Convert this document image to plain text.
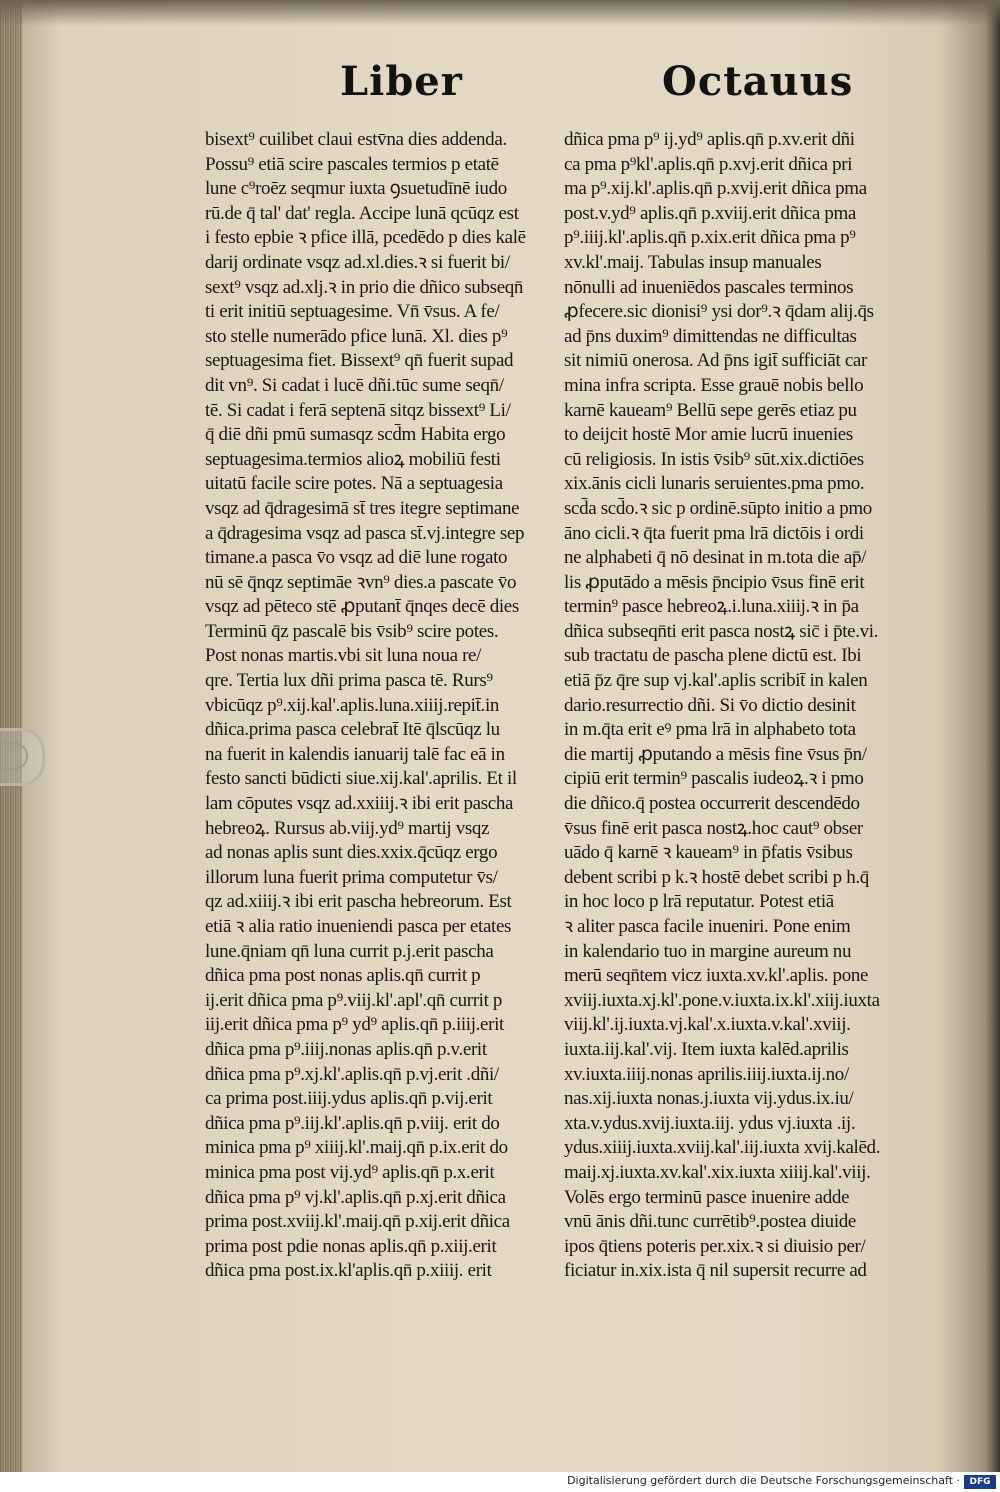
Liber	Octauus
bisext⁹ cuilibet claui estv̄na dies addenda.
Possu⁹ etiā scire pascales termios p etatē
lune c⁹roēz seqmur iuxta ꝯsuetudīnē iudo
rū.de q̄ tal' dat' regla. Accipe lunā qcūqz est
i festo epbie ꝛ pfice illā, pcedēdo p dies kalē
darij ordinate vsqz ad.xl.dies.ꝛ si fuerit bi/
sext⁹ vsqz ad.xlj.ꝛ in prio die dñico subseqn̄
ti erit initiū septuagesime. Vn̄ v̄sus. A fe/
sto stelle numerādo pfice lunā. Xl. dies p⁹
septuagesima fiet. Bissext⁹ qn̄ fuerit supad
dit vn⁹. Si cadat i lucē dñi.tūc sume seqn̄/
tē. Si cadat i ferā septenā sitqz bissext⁹ Li/
q̄ diē dñi pmū sumasqz scd̄m Habita ergo
septuagesima.termios alioꝝ mobiliū festi
uitatū facile scire potes. Nā a septuagesia
vsqz ad q̄dragesimā st̄ tres itegre septimane
a q̄dragesima vsqz ad pasca st̄.vj.integre sep
timane.a pasca v̄o vsqz ad diē lune rogato
nū sē q̄nqz septimāe ꝛvn⁹ dies.a pascate v̄o
vsqz ad pēteco stē ꝓputant̄ q̄nqes decē dies
Terminū q̄z pascalē bis v̄sib⁹ scire potes.
Post nonas martis.vbi sit luna noua re/
qre. Tertia lux dñi prima pasca tē. Rurs⁹
vbicūqz p⁹.xij.kal'.aplis.luna.xiiij.repit̄.in
dñica.prima pasca celebrat̄ Itē q̄lscūqz lu
na fuerit in kalendis ianuarij talē fac eā in
festo sancti būdicti siue.xij.kal'.aprilis. Et il
lam cōputes vsqz ad.xxiiij.ꝛ ibi erit pascha
hebreoꝝ. Rursus ab.viij.yd⁹ martij vsqz
ad nonas aplis sunt dies.xxix.q̄cūqz ergo
illorum luna fuerit prima computetur v̄s/
qz ad.xiiij.ꝛ ibi erit pascha hebreorum. Est
etiā ꝛ alia ratio inueniendi pasca per etates
lune.q̄niam qn̄ luna currit p.j.erit pascha
dñica pma post nonas aplis.qn̄ currit p
ij.erit dñica pma p⁹.viij.kl'.apl'.qn̄ currit p
iij.erit dñica pma p⁹ yd⁹ aplis.qn̄ p.iiij.erit
dñica pma p⁹.iiij.nonas aplis.qn̄ p.v.erit
dñica pma p⁹.xj.kl'.aplis.qn̄ p.vj.erit .dñi/
ca prima post.iiij.ydus aplis.qn̄ p.vij.erit
dñica pma p⁹.iij.kl'.aplis.qn̄ p.viij. erit do
minica pma p⁹ xiiij.kl'.maij.qn̄ p.ix.erit do
minica pma post vij.yd⁹ aplis.qn̄ p.x.erit
dñica pma p⁹ vj.kl'.aplis.qn̄ p.xj.erit dñica
prima post.xviij.kl'.maij.qn̄ p.xij.erit dñica
prima post pdie nonas aplis.qn̄ p.xiij.erit
dñica pma post.ix.kl'aplis.qn̄ p.xiiij. erit
dñica pma p⁹ ij.yd⁹ aplis.qn̄ p.xv.erit dñi
ca pma p⁹kl'.aplis.qn̄ p.xvj.erit dñica pri
ma p⁹.xij.kl'.aplis.qn̄ p.xvij.erit dñica pma
post.v.yd⁹ aplis.qn̄ p.xviij.erit dñica pma
p⁹.iiij.kl'.aplis.qn̄ p.xix.erit dñica pma p⁹
xv.kl'.maij. Tabulas insup manuales
nōnulli ad inueniēdos pascales terminos
ꝓfecere.sic dionisi⁹ ysi dor⁹.ꝛ q̄dam alij.q̄s
ad p̄ns duxim⁹ dimittendas ne difficultas
sit nimiū onerosa. Ad p̄ns igit̄ sufficiāt car
mina infra scripta. Esse grauē nobis bello
karnē kaueam⁹ Bellū sepe gerēs etiaz pu
to deijcit hostē Mor amie lucrū inuenies
cū religiosis. In istis v̄sib⁹ sūt.xix.dictiōes
xix.ānis cicli lunaris seruientes.pma pmo.
scd̄a scd̄o.ꝛ sic p ordinē.sūpto initio a pmo
āno cicli.ꝛ q̄ta fuerit pma lrā dictōis i ordi
ne alphabeti q̄ nō desinat in m.tota die ap̄/
lis ꝓputādo a mēsis p̄ncipio v̄sus finē erit
termin⁹ pasce hebreoꝝ.i.luna.xiiij.ꝛ in p̄a
dñica subseqn̄ti erit pasca nostꝝ sic̄ i p̄te.vi.
sub tractatu de pascha plene dictū est. Ibi
etiā p̄z q̄re sup vj.kal'.aplis scribit̄ in kalen
dario.resurrectio dñi. Si v̄o dictio desinit
in m.q̄ta erit eꝰ pma lrā in alphabeto tota
die martij ꝓputando a mēsis fine v̄sus p̄n/
cipiū erit termin⁹ pascalis iudeoꝝ.ꝛ i pmo
die dñico.q̄ postea occurrerit descendēdo
v̄sus finē erit pasca nostꝝ.hoc caut⁹ obser
uādo q̄ karnē ꝛ kaueam⁹ in p̄fatis v̄sibus
debent scribi p k.ꝛ hostē debet scribi p h.q̄
in hoc loco p lrā reputatur. Potest etiā
ꝛ aliter pasca facile inueniri. Pone enim
in kalendario tuo in margine aureum nu
merū seqn̄tem vicz iuxta.xv.kl'.aplis. pone
xviij.iuxta.xj.kl'.pone.v.iuxta.ix.kl'.xiij.iuxta
viij.kl'.ij.iuxta.vj.kal'.x.iuxta.v.kal'.xviij.
iuxta.iij.kal'.vij. Item iuxta kalēd.aprilis
xv.iuxta.iiij.nonas aprilis.iiij.iuxta.ij.no/
nas.xij.iuxta nonas.j.iuxta vij.ydus.ix.iu/
xta.v.ydus.xvij.iuxta.iij. ydus vj.iuxta .ij.
ydus.xiiij.iuxta.xviij.kal'.iij.iuxta xvij.kalēd.
maij.xj.iuxta.xv.kal'.xix.iuxta xiiij.kal'.viij.
Volēs ergo terminū pasce inuenire adde
vnū ānis dñi.tunc currētib⁹.postea diuide
ipos q̄tiens poteris per.xix.ꝛ si diuisio per/
ficiatur in.xix.ista q̄ nil supersit recurre ad
Digitalisierung gefördert durch die Deutsche Forschungsgemeinschaft ·	DFG
